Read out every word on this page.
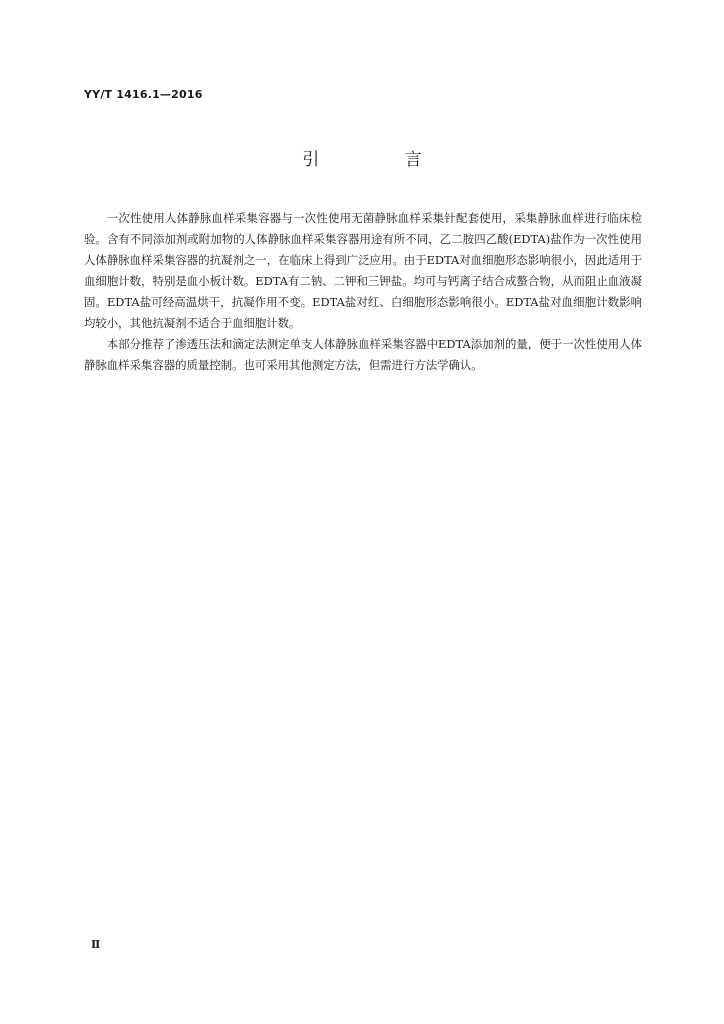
YY/T 1416.1—2016
引 言

一次性使用人体静脉血样采集容器与一次性使用无菌静脉血样采集针配套使用，采集静脉血样进行临床检验。含有不同添加剂或附加物的人体静脉血样采集容器用途有所不同，乙二胺四乙酸(EDTA)盐作为一次性使用人体静脉血样采集容器的抗凝剂之一，在临床上得到广泛应用。由于EDTA对血细胞形态影响很小，因此适用于血细胞计数，特别是血小板计数。EDTA有二钠、二钾和三钾盐。均可与钙离子结合成螯合物，从而阻止血液凝固。EDTA盐可经高温烘干，抗凝作用不变。EDTA盐对红、白细胞形态影响很小。EDTA盐对血细胞计数影响均较小，其他抗凝剂不适合于血细胞计数。

本部分推荐了渗透压法和滴定法测定单支人体静脉血样采集容器中EDTA添加剂的量，便于一次性使用人体静脉血样采集容器的质量控制。也可采用其他测定方法，但需进行方法学确认。

Ⅱ
